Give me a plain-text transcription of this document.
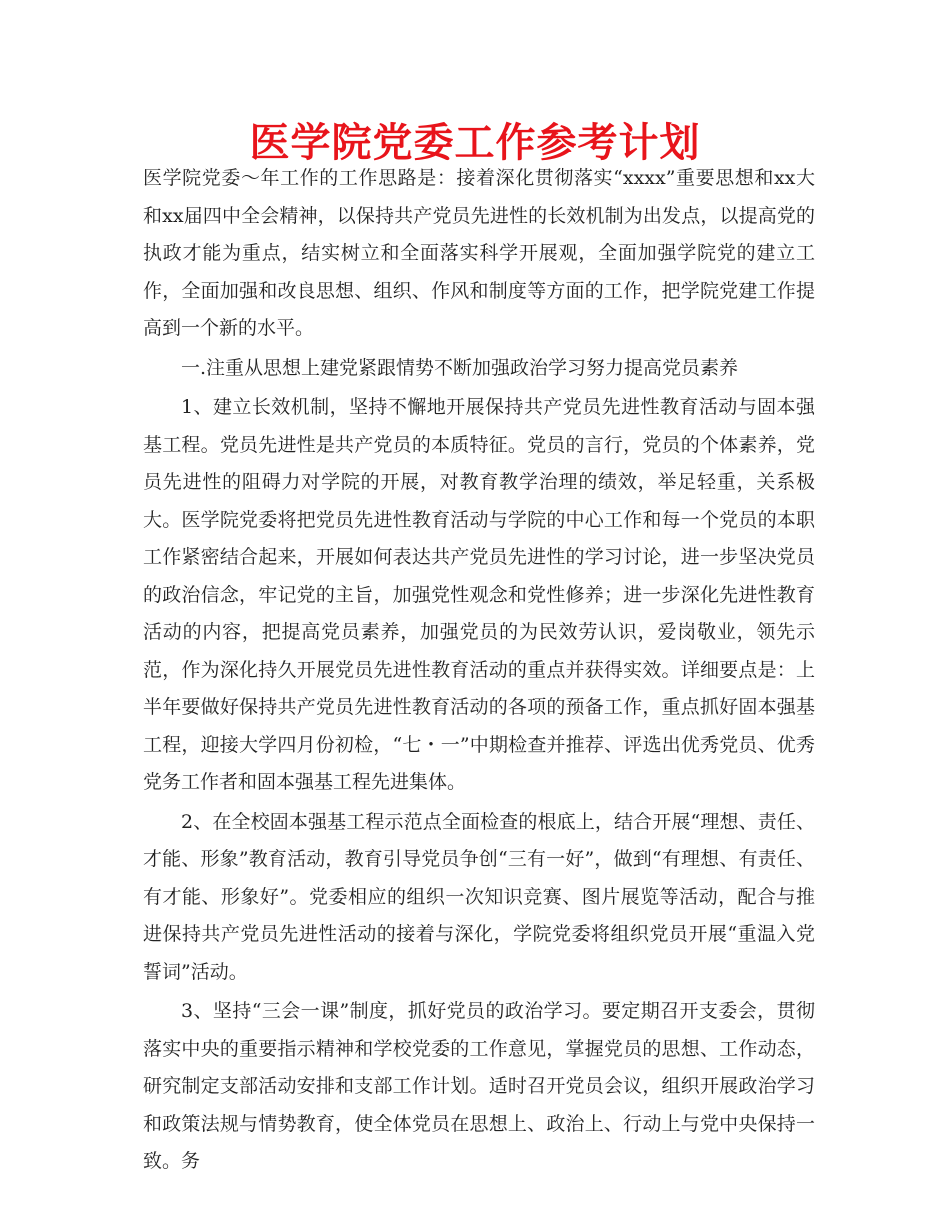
医学院党委工作参考计划

医学院党委～年工作的工作思路是：接着深化贯彻落实“xxxx”重要思想和xx大和xx届四中全会精神，以保持共产党员先进性的长效机制为出发点，以提高党的执政才能为重点，结实树立和全面落实科学开展观，全面加强学院党的建立工作，全面加强和改良思想、组织、作风和制度等方面的工作，把学院党建工作提高到一个新的水平。

一.注重从思想上建党紧跟情势不断加强政治学习努力提高党员素养

1、建立长效机制，坚持不懈地开展保持共产党员先进性教育活动与固本强基工程。党员先进性是共产党员的本质特征。党员的言行，党员的个体素养，党员先进性的阻碍力对学院的开展，对教育教学治理的绩效，举足轻重，关系极大。医学院党委将把党员先进性教育活动与学院的中心工作和每一个党员的本职工作紧密结合起来，开展如何表达共产党员先进性的学习讨论，进一步坚决党员的政治信念，牢记党的主旨，加强党性观念和党性修养；进一步深化先进性教育活动的内容，把提高党员素养，加强党员的为民效劳认识，爱岗敬业，领先示范，作为深化持久开展党员先进性教育活动的重点并获得实效。详细要点是：上半年要做好保持共产党员先进性教育活动的各项的预备工作，重点抓好固本强基工程，迎接大学四月份初检，“七・一”中期检查并推荐、评选出优秀党员、优秀党务工作者和固本强基工程先进集体。

2、在全校固本强基工程示范点全面检查的根底上，结合开展“理想、责任、才能、形象”教育活动，教育引导党员争创“三有一好”，做到“有理想、有责任、有才能、形象好”。党委相应的组织一次知识竞赛、图片展览等活动，配合与推进保持共产党员先进性活动的接着与深化，学院党委将组织党员开展“重温入党誓词”活动。

3、坚持“三会一课”制度，抓好党员的政治学习。要定期召开支委会，贯彻落实中央的重要指示精神和学校党委的工作意见，掌握党员的思想、工作动态，研究制定支部活动安排和支部工作计划。适时召开党员会议，组织开展政治学习和政策法规与情势教育，使全体党员在思想上、政治上、行动上与党中央保持一致。务
